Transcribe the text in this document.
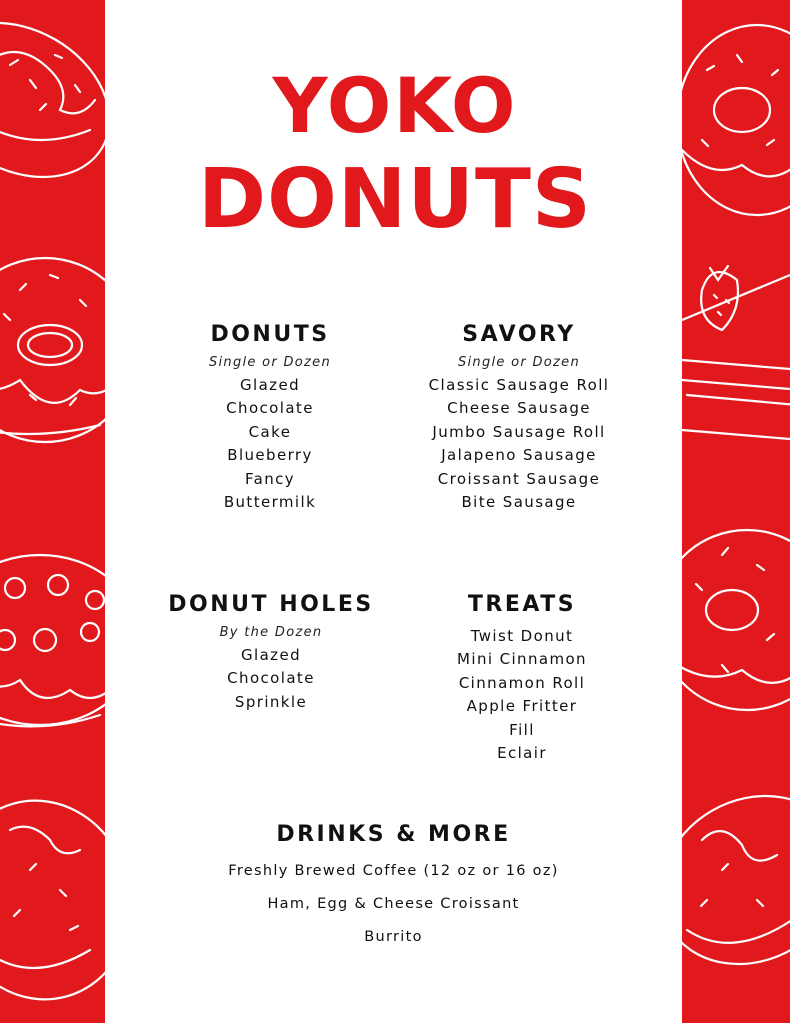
YOKO
DONUTS
DONUTS
Single or Dozen
Glazed
Chocolate
Cake
Blueberry
Fancy
Buttermilk
SAVORY
Single or Dozen
Classic Sausage Roll
Cheese Sausage
Jumbo Sausage Roll
Jalapeno Sausage
Croissant Sausage
Bite Sausage
DONUT HOLES
By the Dozen
Glazed
Chocolate
Sprinkle
TREATS
Twist Donut
Mini Cinnamon
Cinnamon Roll
Apple Fritter
Fill
Eclair
DRINKS & MORE
Freshly Brewed Coffee (12 oz or 16 oz)
Ham, Egg & Cheese Croissant
Burrito
